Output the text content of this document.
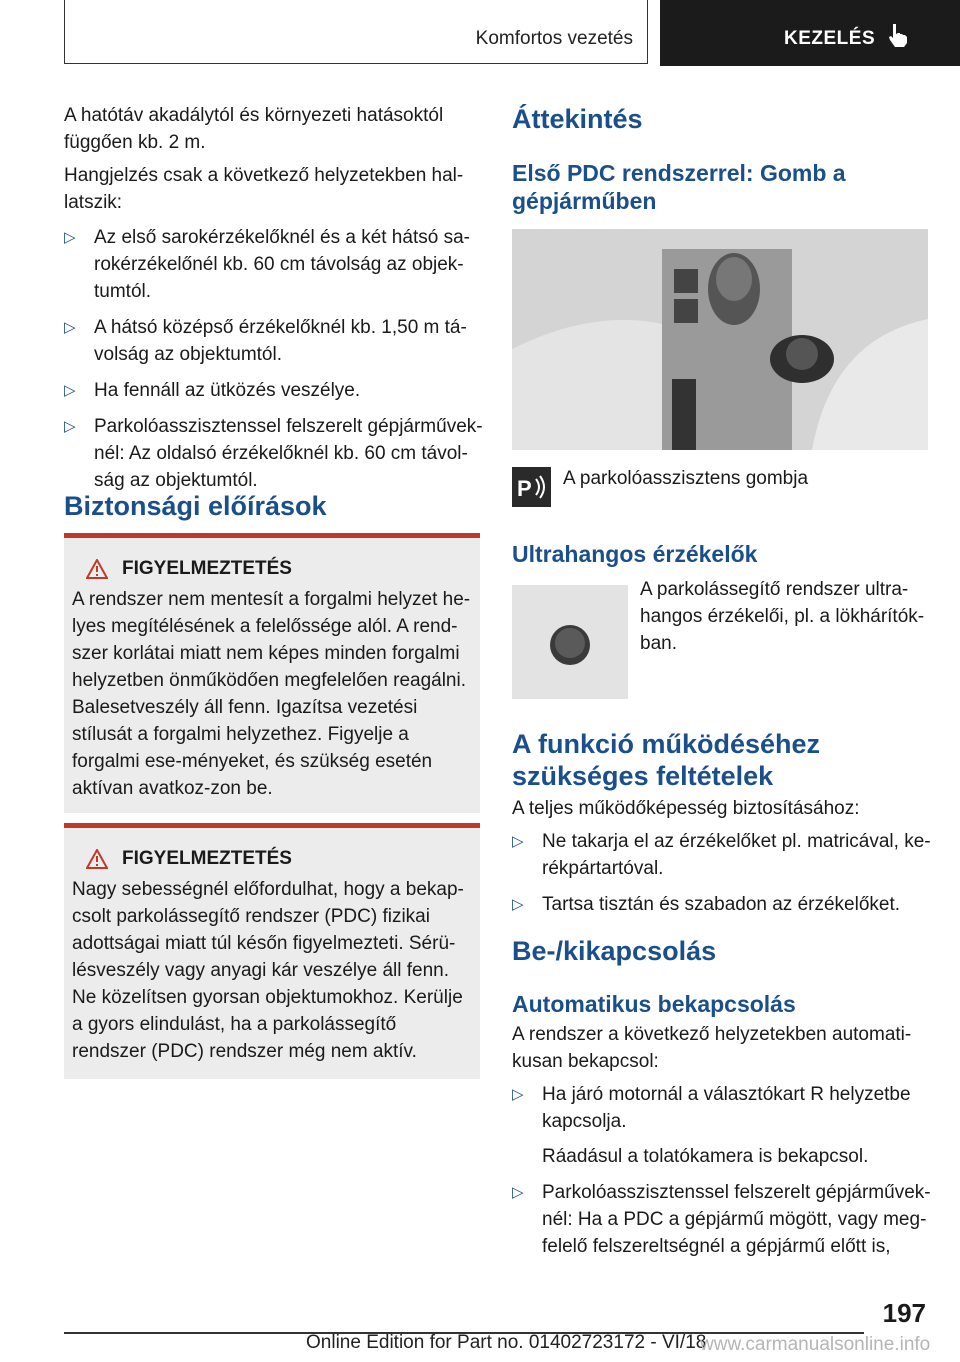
Komfortos vezetés	KEZELÉS

A hatótáv akadálytól és környezeti hatásoktól függően kb. 2 m.

Hangjelzés csak a következő helyzetekben hal‐latszik:

▷ Az első sarokérzékelőknél és a két hátsó sa‐rokérzékelőnél kb. 60 cm távolság az objek‐tumtól.
▷ A hátsó középső érzékelőknél kb. 1,50 m tá‐volság az objektumtól.
▷ Ha fennáll az ütközés veszélye.
▷ Parkolóasszisztenssel felszerelt gépjárművek‐nél: Az oldalsó érzékelőknél kb. 60 cm távol‐ság az objektumtól.
Biztonsági előírások
FIGYELMEZTETÉS

A rendszer nem mentesít a forgalmi helyzet he‐lyes megítélésének a felelőssége alól. A rend‐szer korlátai miatt nem képes minden forgalmi helyzetben önműködően megfelelően reagálni. Balesetveszély áll fenn. Igazítsa vezetési stílusát a forgalmi helyzethez. Figyelje a forgalmi ese‐ményeket, és szükség esetén aktívan avatkoz‐zon be.

FIGYELMEZTETÉS

Nagy sebességnél előfordulhat, hogy a bekap‐csolt parkolássegítő rendszer (PDC) fizikai adottságai miatt túl későn figyelmezteti. Sérü‐lésveszély vagy anyagi kár veszélye áll fenn. Ne közelítsen gyorsan objektumokhoz. Kerülje a gyors elindulást, ha a parkolássegítő rendszer (PDC) rendszer még nem aktív.

Áttekintés
Első PDC rendszerrel: Gomb a gépjárműben
P A parkolóasszisztens gombja
Ultrahangos érzékelők

A parkolássegítő rendszer ultra‐hangos érzékelői, pl. a lökhárítók‐ban.

A funkció működéséhez szükséges feltételek

A teljes működőképesség biztosításához:

▷ Ne takarja el az érzékelőket pl. matricával, ke‐rékpártartóval.
▷ Tartsa tisztán és szabadon az érzékelőket.
Be-/kikapcsolás
Automatikus bekapcsolás

A rendszer a következő helyzetekben automati‐kusan bekapcsol:

▷ Ha járó motornál a választókart R helyzetbe kapcsolja.

Ráadásul a tolatókamera is bekapcsol.

▷ Parkolóasszisztenssel felszerelt gépjárművek‐nél: Ha a PDC a gépjármű mögött, vagy meg‐felelő felszereltségnél a gépjármű előtt is,
197
Online Edition for Part no. 01402723172 - VI/18
www.carmanualsonline.info
